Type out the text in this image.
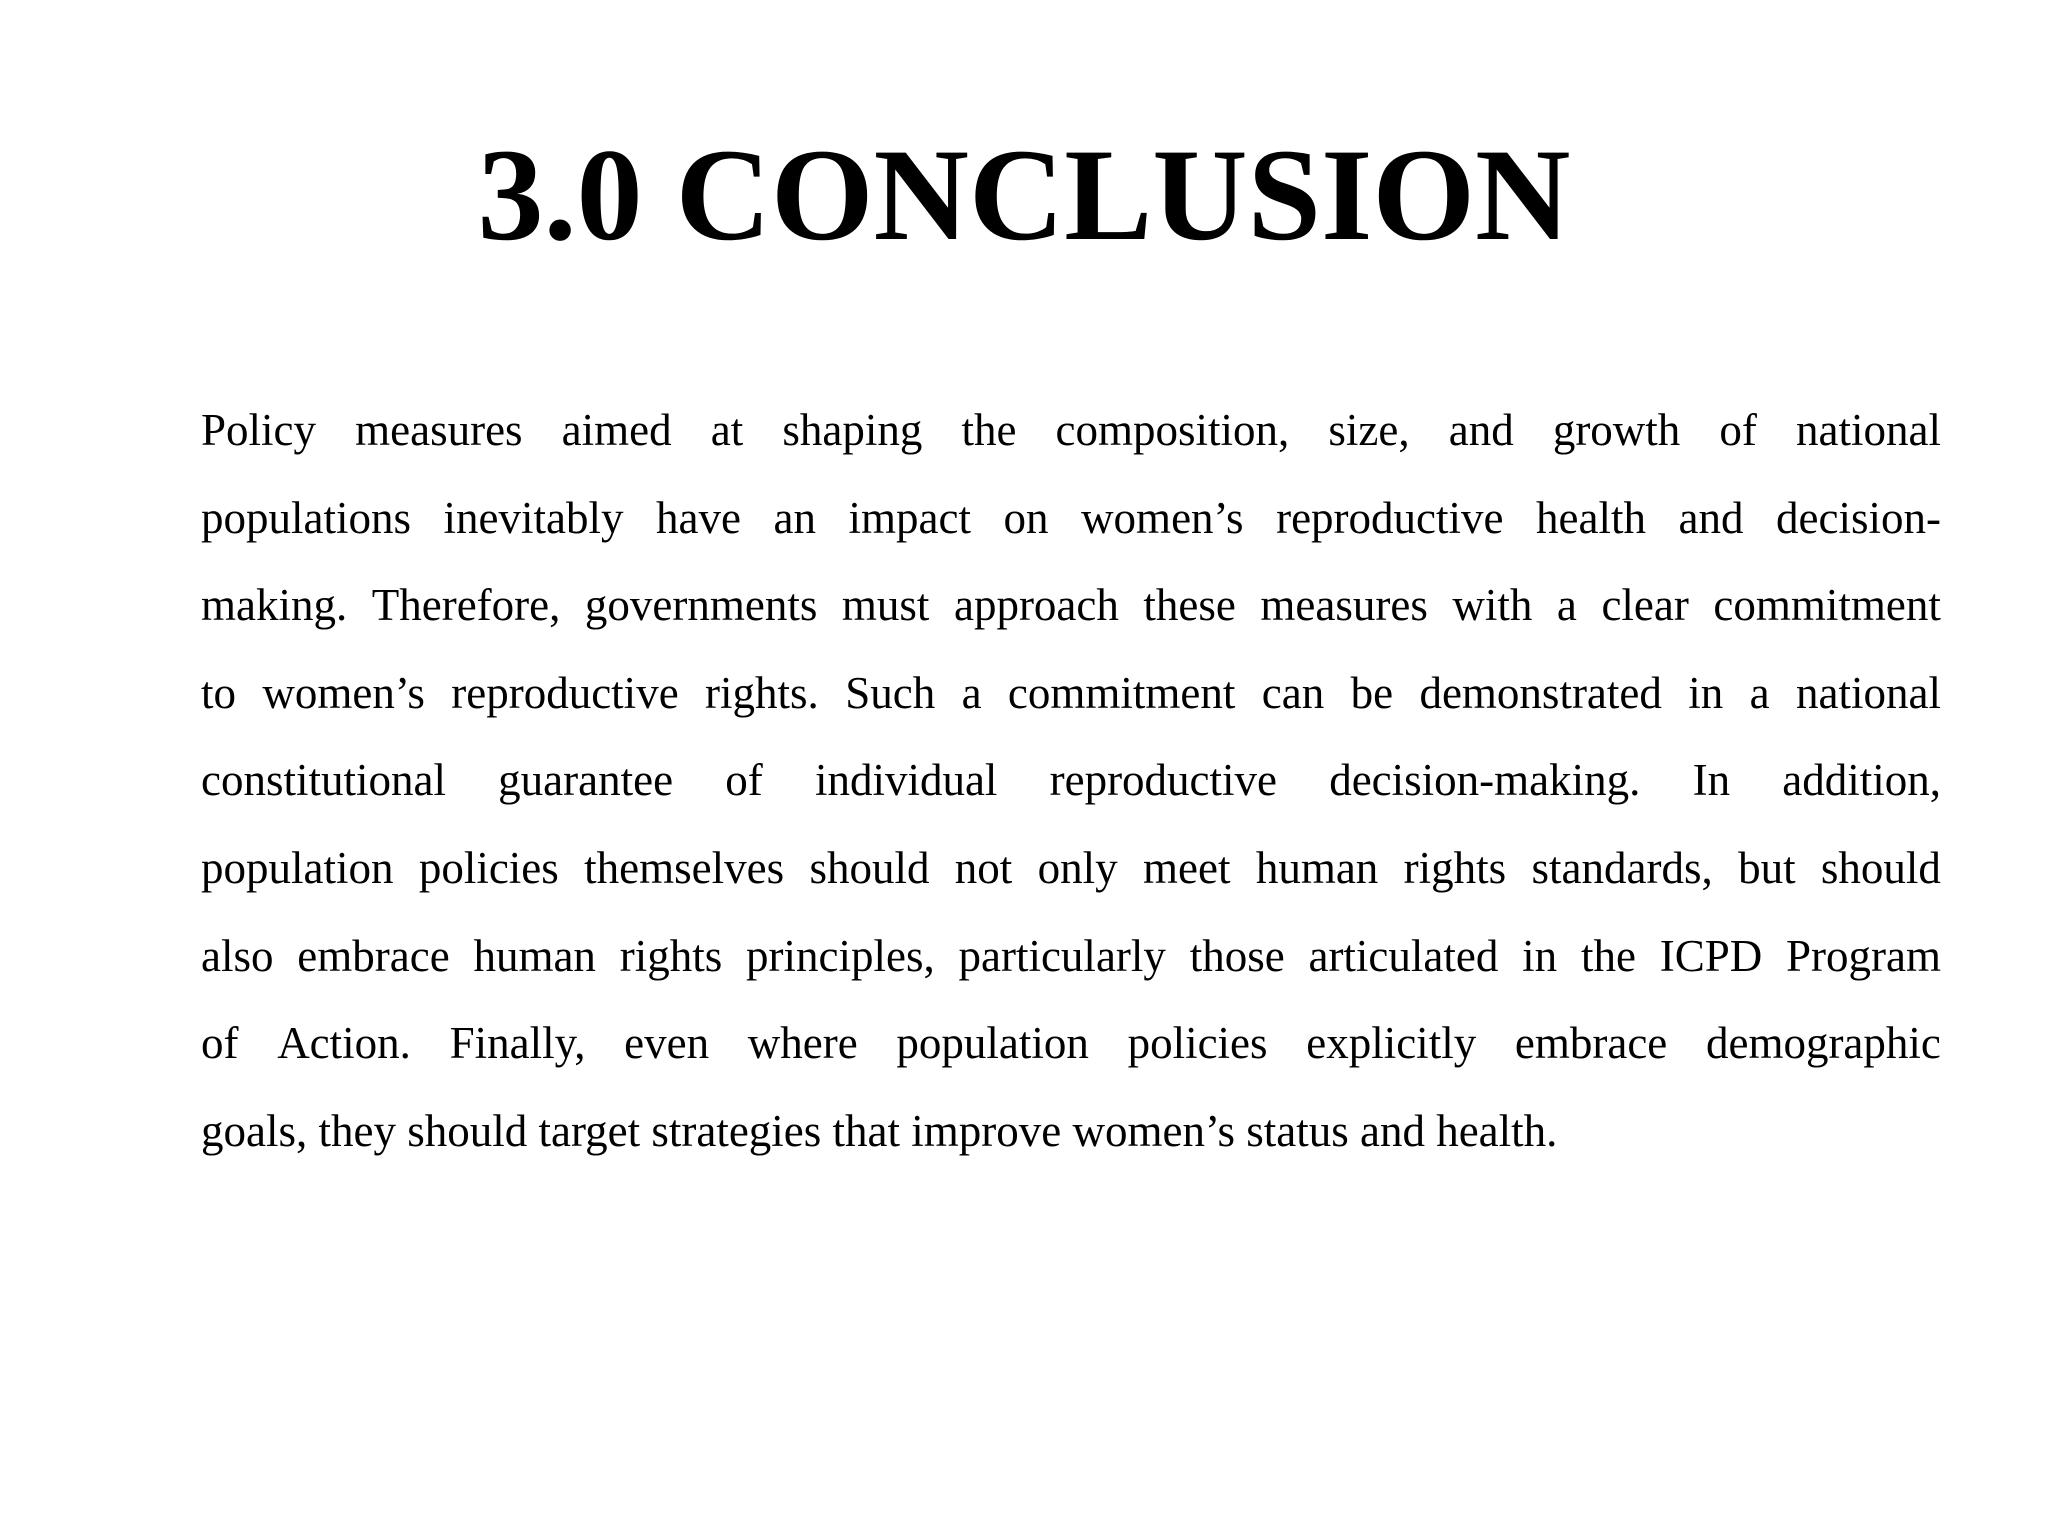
3.0 CONCLUSION
Policy measures aimed at shaping the composition, size, and growth of national
populations inevitably have an impact on women’s reproductive health and decision-
making. Therefore, governments must approach these measures with a clear commitment
to women’s reproductive rights. Such a commitment can be demonstrated in a national
constitutional guarantee of individual reproductive decision-making. In addition,
population policies themselves should not only meet human rights standards, but should
also embrace human rights principles, particularly those articulated in the ICPD Program
of Action. Finally, even where population policies explicitly embrace demographic
goals, they should target strategies that improve women’s status and health.
